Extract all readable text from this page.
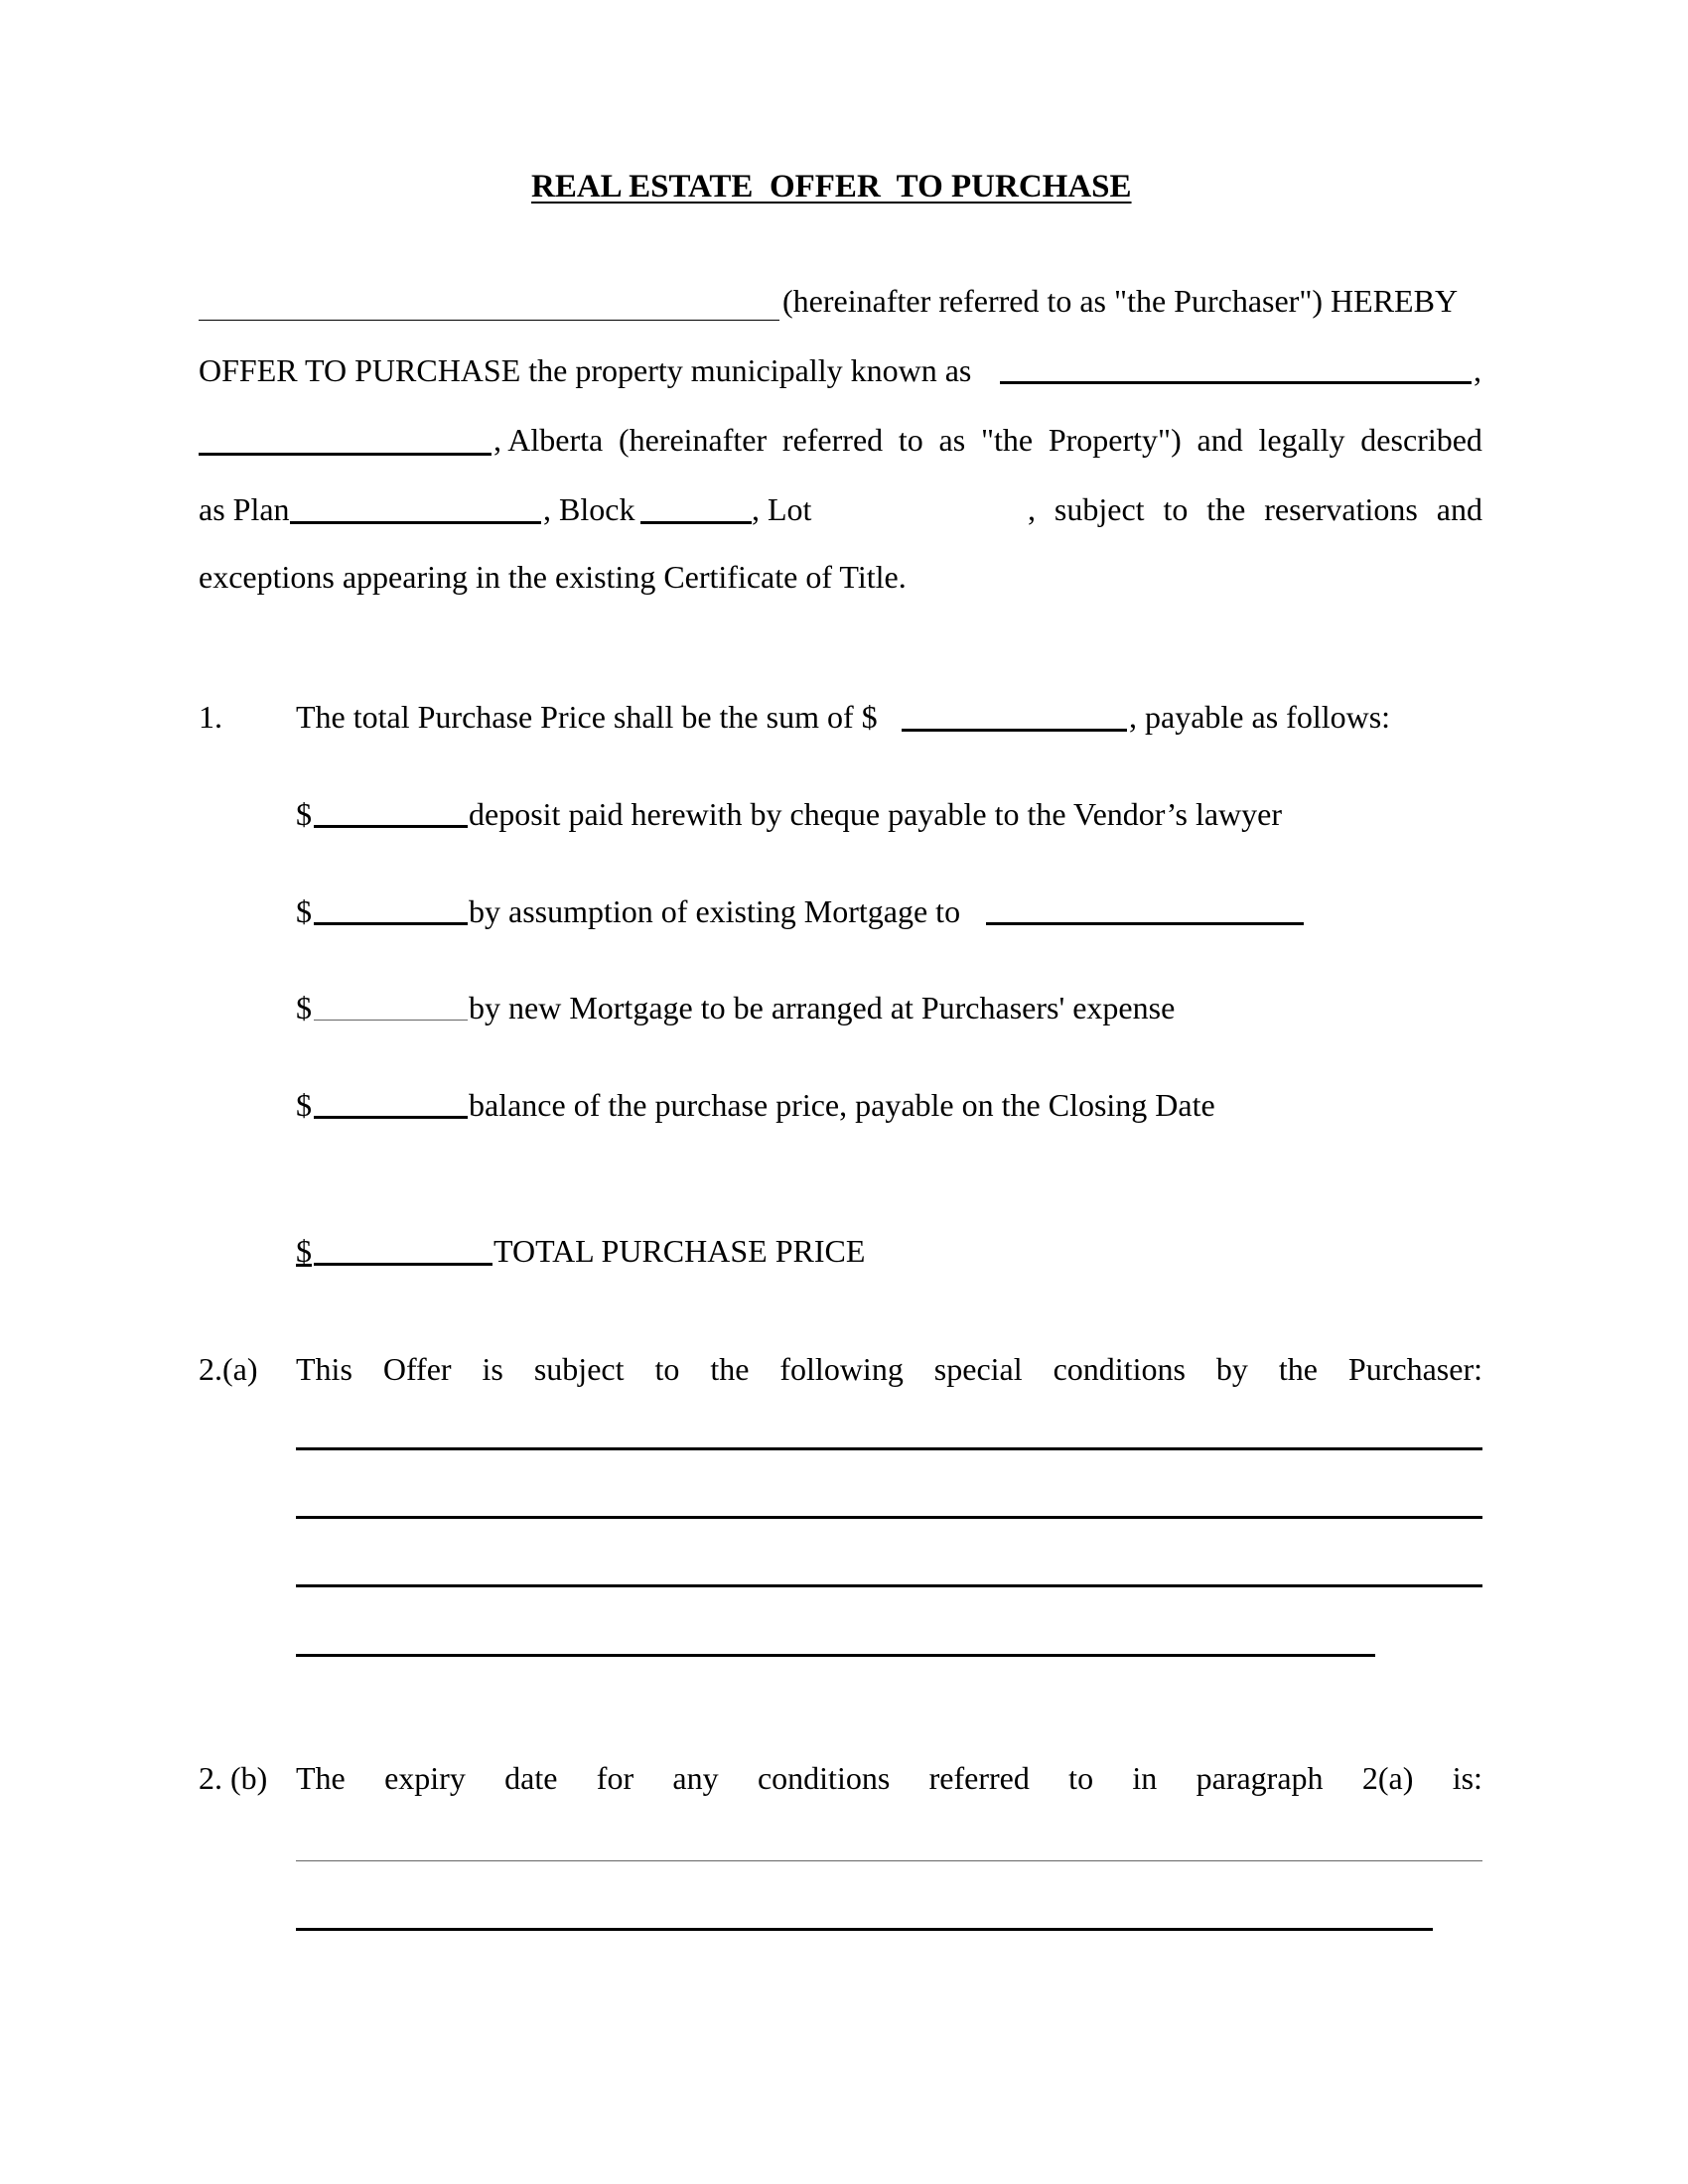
REAL ESTATE  OFFER  TO PURCHASE
(hereinafter referred to as "the Purchaser") HEREBY
OFFER TO PURCHASE the property municipally known as	,
, Alberta (hereinafter referred to as "the Property") and legally described
as Plan	, Block	, Lot	, subject to the reservations and
exceptions appearing in the existing Certificate of Title.
1. The total Purchase Price shall be the sum of $	, payable as follows:
$	deposit paid herewith by cheque payable to the Vendor’s lawyer
$	by assumption of existing Mortgage to
$	by new Mortgage to be arranged at Purchasers' expense
$	balance of the purchase price, payable on the Closing Date
$	TOTAL PURCHASE PRICE
2.(a) This Offer is subject to the following special conditions by the Purchaser:
2. (b) The expiry date for any conditions referred to in paragraph 2(a) is:
